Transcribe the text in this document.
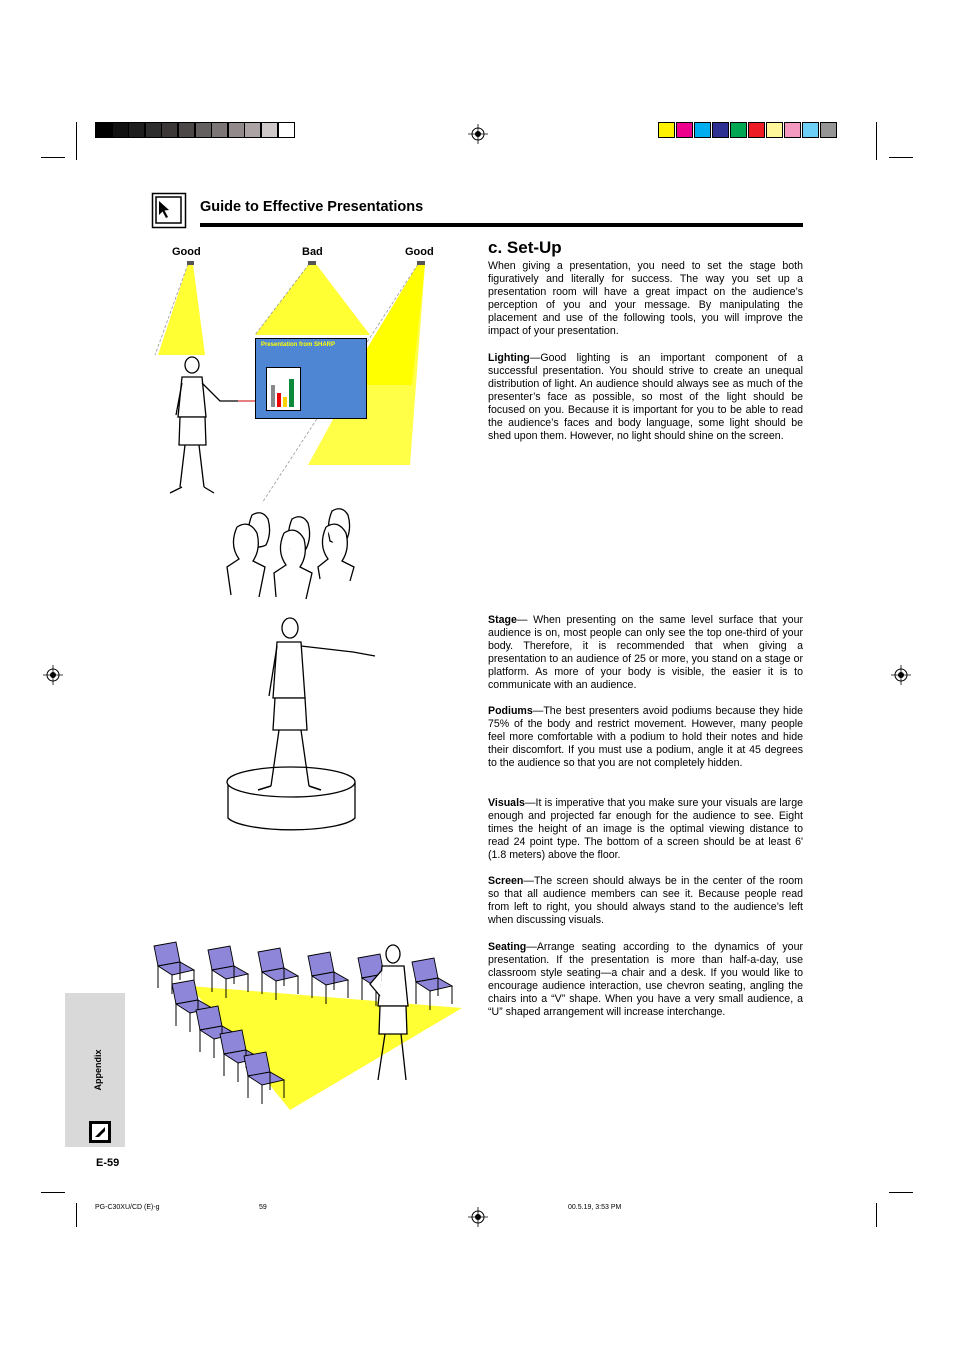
Guide to Effective Presentations
Good	Bad	Good
Presentation from SHARP
c. Set-Up

When giving a presentation, you need to set the stage both figuratively and literally for success. The way you set up a presentation room will have a great impact on the audience’s perception of you and your message. By manipulating the placement and use of the following tools, you will improve the impact of your presentation.

Lighting—Good lighting is an important component of a successful presentation. You should strive to create an unequal distribution of light. An audience should always see as much of the presenter’s face as possible, so most of the light should be focused on you. Because it is important for you to be able to read the audience’s faces and body language, some light should be shed upon them. However, no light should shine on the screen.

Stage— When presenting on the same level surface that your audience is on, most people can only see the top one-third of your body. Therefore, it is recommended that when giving a presentation to an audience of 25 or more, you stand on a stage or platform. As more of your body is visible, the easier it is to communicate with an audience.

Podiums—The best presenters avoid podiums because they hide 75% of the body and restrict movement. However, many people feel more comfortable with a podium to hold their notes and hide their discomfort. If you must use a podium, angle it at 45 degrees to the audience so that you are not completely hidden.

Visuals—It is imperative that you make sure your visuals are large enough and projected far enough for the audience to see. Eight times the height of an image is the optimal viewing distance to read 24 point type. The bottom of a screen should be at least 6' (1.8 meters) above the floor.

Screen—The screen should always be in the center of the room so that all audience members can see it. Because people read from left to right, you should always stand to the audience’s left when discussing visuals.

Seating—Arrange seating according to the dynamics of your presentation. If the presentation is more than half-a-day, use classroom style seating—a chair and a desk. If you would like to encourage audience interaction, use chevron seating, angling the chairs into a “V” shape. When you have a very small audience, a “U” shaped arrangement will increase interchange.

Appendix
E-59
PG-C30XU/CD (E)-g	59	00.5.19, 3:53 PM
